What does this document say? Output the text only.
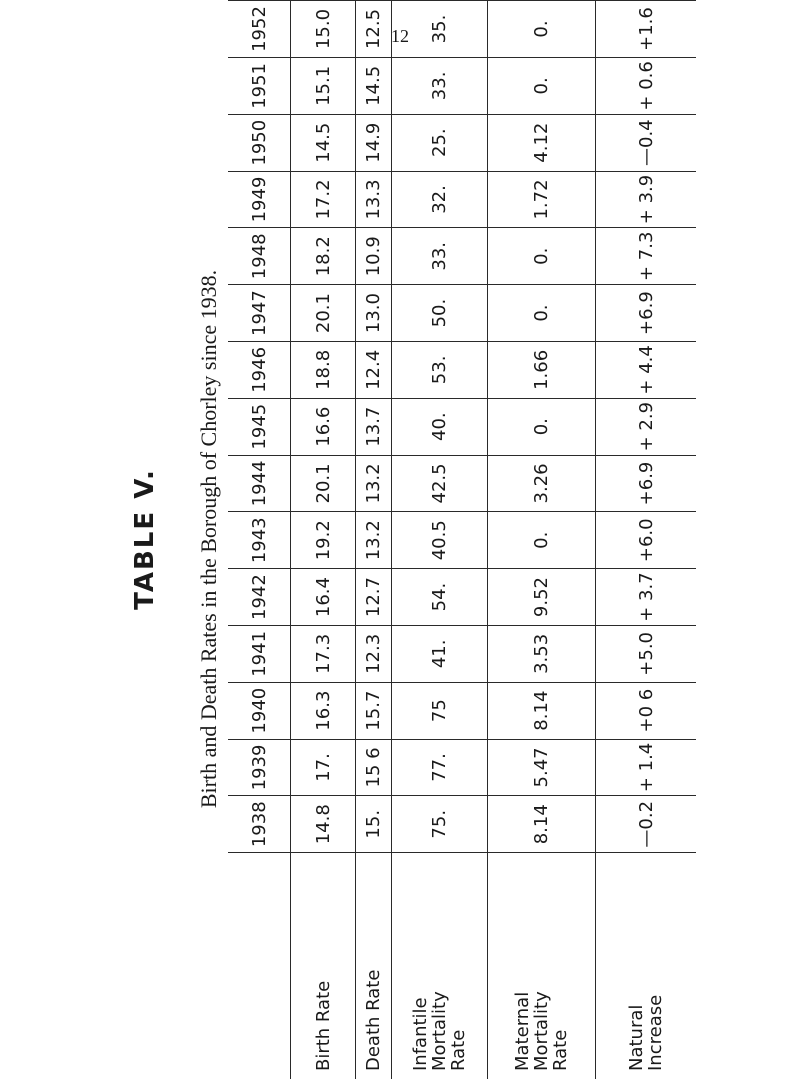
12
TABLE V. Birth and Death Rates in the Borough of Chorley since 1938.
	1938	1939	1940	1941	1942	1943	1944	1945	1946	1947	1948	1949	1950	1951	1952
Birth Rate	14.8	17.	16.3	17.3	16.4	19.2	20.1	16.6	18.8	20.1	18.2	17.2	14.5	15.1	15.0
Death Rate	15.	15 6	15.7	12.3	12.7	13.2	13.2	13.7	12.4	13.0	10.9	13.3	14.9	14.5	12.5
Infantile
Mortality
Rate	75.	77.	75	41.	54.	40.5	42.5	40.	53.	50.	33.	32.	25.	33.	35.
Maternal
Mortality
Rate	8.14	5.47	8.14	3.53	9.52	0.	3.26	0.	1.66	0.	0.	1.72	4.12	0.	0.
Natural
Increase	—0.2	+ 1.4	+0 6	+5.0	+ 3.7	+6.0	+6.9	+ 2.9	+ 4.4	+6.9	+ 7.3	+ 3.9	—0.4	+ 0.6	+1.6
